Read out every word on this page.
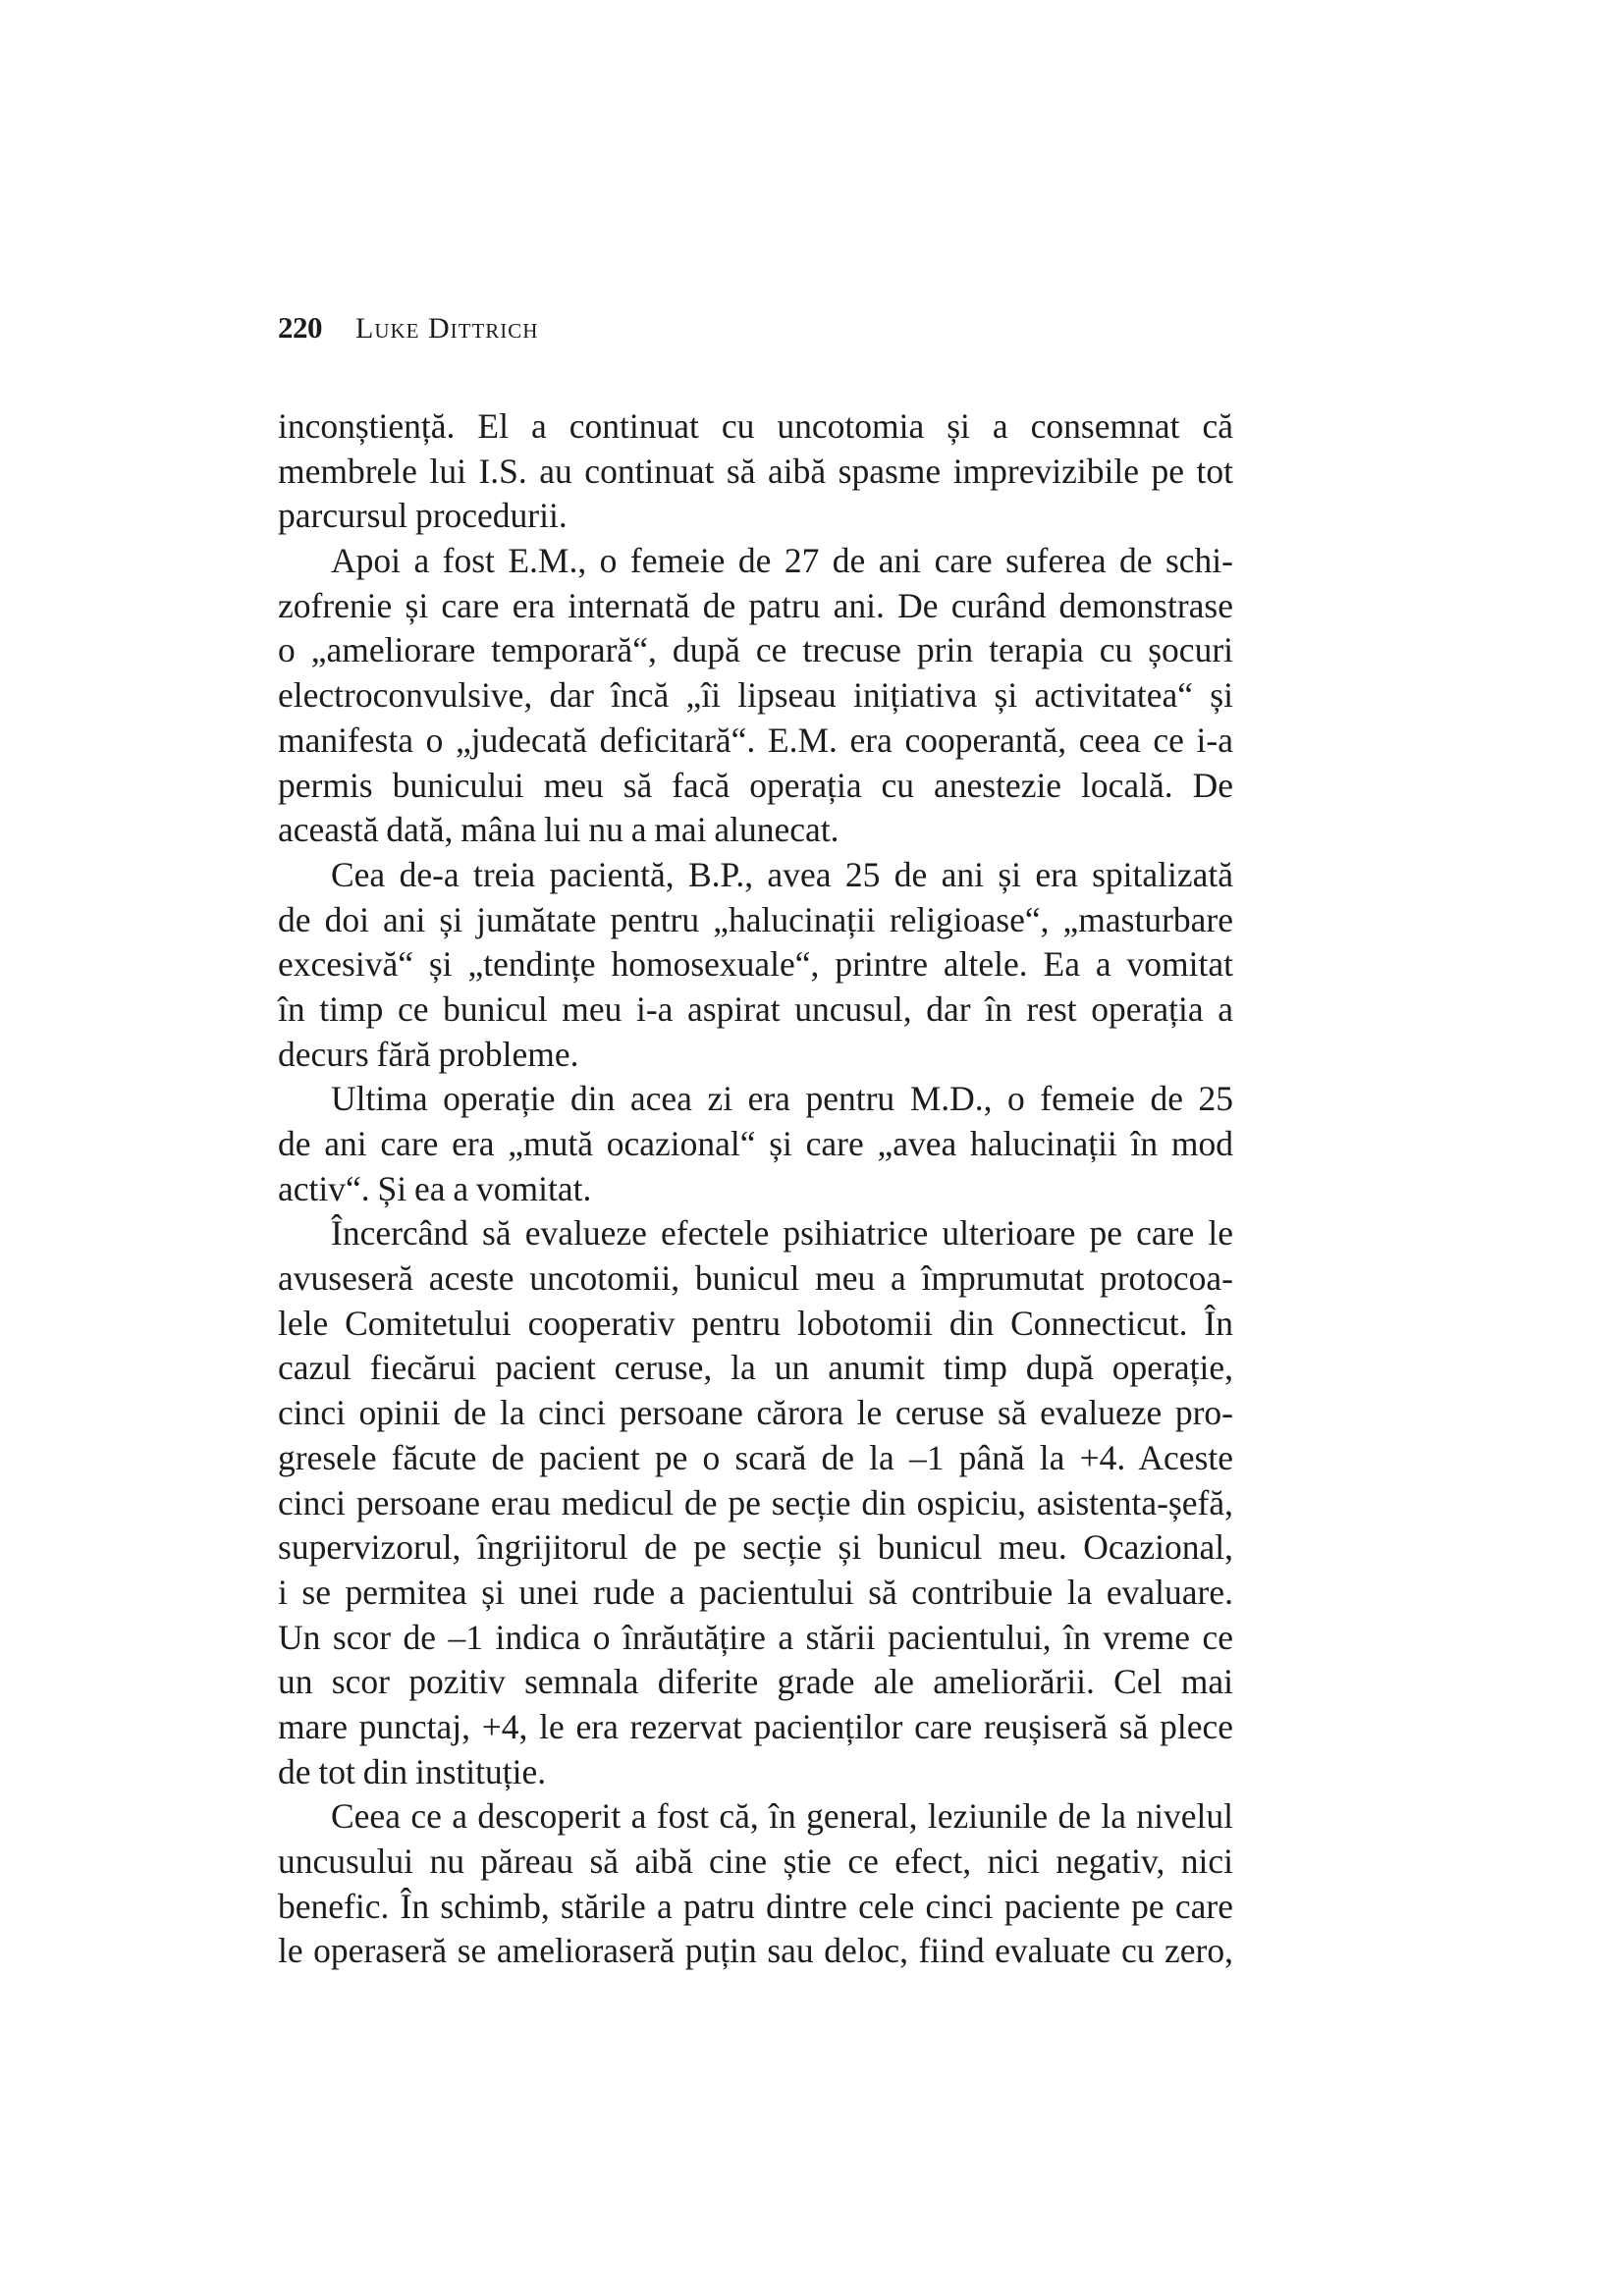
220 Luke Dittrich
inconștiență. El a continuat cu uncotomia și a consemnat că
membrele lui I.S. au continuat să aibă spasme imprevizibile pe tot
parcursul procedurii.
Apoi a fost E.M., o femeie de 27 de ani care suferea de schi-
zofrenie și care era internată de patru ani. De curând demonstrase
o „ameliorare temporară“, după ce trecuse prin terapia cu șocuri
electroconvulsive, dar încă „îi lipseau inițiativa și activitatea“ și
manifesta o „judecată deficitară“. E.M. era cooperantă, ceea ce i-a
permis bunicului meu să facă operația cu anestezie locală. De
această dată, mâna lui nu a mai alunecat.
Cea de-a treia pacientă, B.P., avea 25 de ani și era spitalizată
de doi ani și jumătate pentru „halucinații religioase“, „masturbare
excesivă“ și „tendințe homosexuale“, printre altele. Ea a vomitat
în timp ce bunicul meu i-a aspirat uncusul, dar în rest operația a
decurs fără probleme.
Ultima operație din acea zi era pentru M.D., o femeie de 25
de ani care era „mută ocazional“ și care „avea halucinații în mod
activ“. Și ea a vomitat.
Încercând să evalueze efectele psihiatrice ulterioare pe care le
avuseseră aceste uncotomii, bunicul meu a împrumutat protocoa-
lele Comitetului cooperativ pentru lobotomii din Connecticut. În
cazul fiecărui pacient ceruse, la un anumit timp după operație,
cinci opinii de la cinci persoane cărora le ceruse să evalueze pro-
gresele făcute de pacient pe o scară de la –1 până la +4. Aceste
cinci persoane erau medicul de pe secție din ospiciu, asistenta-șefă,
supervizorul, îngrijitorul de pe secție și bunicul meu. Ocazional,
i se permitea și unei rude a pacientului să contribuie la evaluare.
Un scor de –1 indica o înrăutățire a stării pacientului, în vreme ce
un scor pozitiv semnala diferite grade ale ameliorării. Cel mai
mare punctaj, +4, le era rezervat pacienților care reușiseră să plece
de tot din instituție.
Ceea ce a descoperit a fost că, în general, leziunile de la nivelul
uncusului nu păreau să aibă cine știe ce efect, nici negativ, nici
benefic. În schimb, stările a patru dintre cele cinci paciente pe care
le operaseră se amelioraseră puțin sau deloc, fiind evaluate cu zero,
